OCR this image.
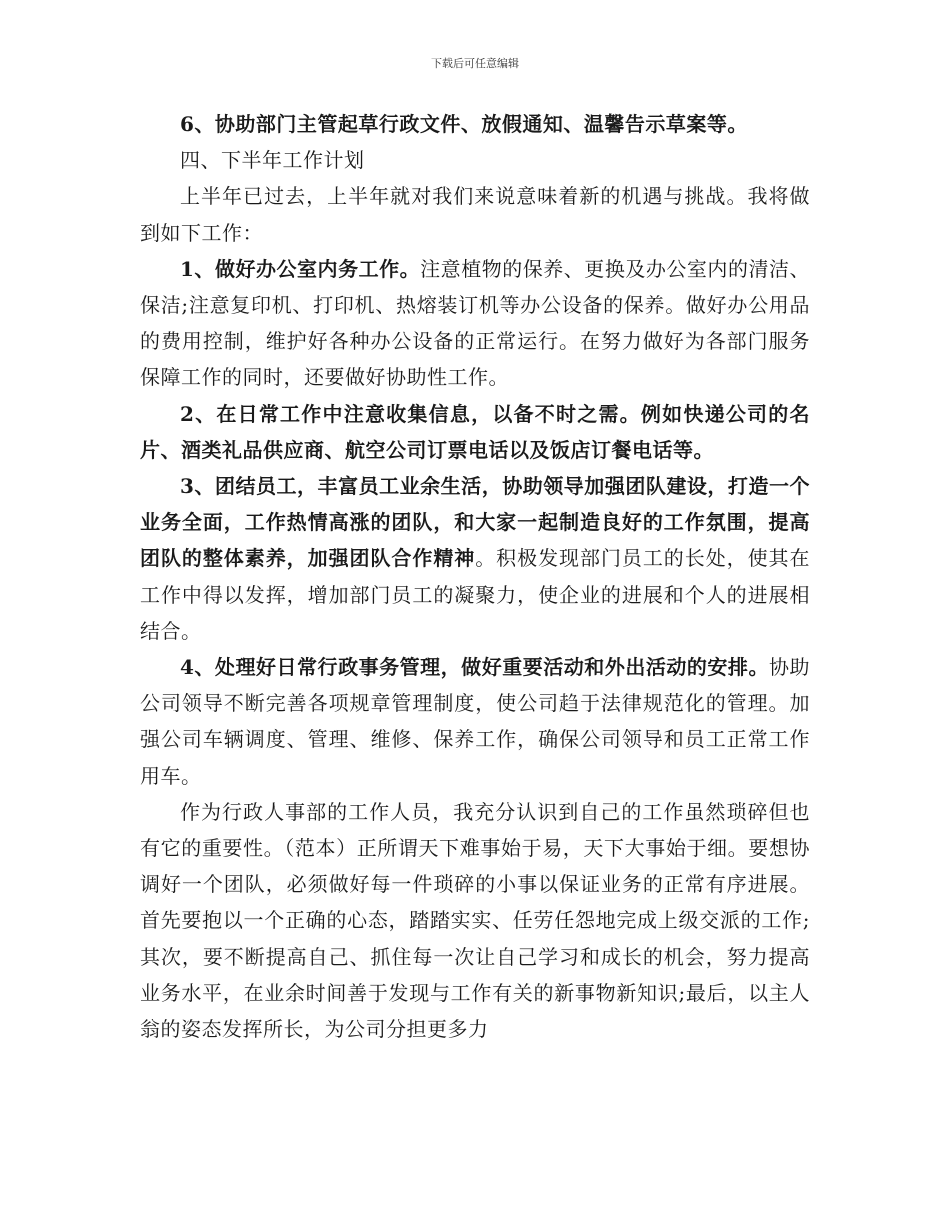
下载后可任意编辑

6、协助部门主管起草行政文件、放假通知、温馨告示草案等。

四、下半年工作计划

上半年已过去，上半年就对我们来说意味着新的机遇与挑战。我将做到如下工作：

1、做好办公室内务工作。注意植物的保养、更换及办公室内的清洁、保洁;注意复印机、打印机、热熔装订机等办公设备的保养。做好办公用品的费用控制，维护好各种办公设备的正常运行。在努力做好为各部门服务保障工作的同时，还要做好协助性工作。

2、在日常工作中注意收集信息，以备不时之需。例如快递公司的名片、酒类礼品供应商、航空公司订票电话以及饭店订餐电话等。

3、团结员工，丰富员工业余生活，协助领导加强团队建设，打造一个业务全面，工作热情高涨的团队，和大家一起制造良好的工作氛围，提高团队的整体素养，加强团队合作精神。积极发现部门员工的长处，使其在工作中得以发挥，增加部门员工的凝聚力，使企业的进展和个人的进展相结合。

4、处理好日常行政事务管理，做好重要活动和外出活动的安排。协助公司领导不断完善各项规章管理制度，使公司趋于法律规范化的管理。加强公司车辆调度、管理、维修、保养工作，确保公司领导和员工正常工作用车。

作为行政人事部的工作人员，我充分认识到自己的工作虽然琐碎但也有它的重要性。（范本）正所谓天下难事始于易，天下大事始于细。要想协调好一个团队，必须做好每一件琐碎的小事以保证业务的正常有序进展。首先要抱以一个正确的心态，踏踏实实、任劳任怨地完成上级交派的工作;其次，要不断提高自己、抓住每一次让自己学习和成长的机会，努力提高业务水平，在业余时间善于发现与工作有关的新事物新知识;最后，以主人翁的姿态发挥所长，为公司分担更多力
